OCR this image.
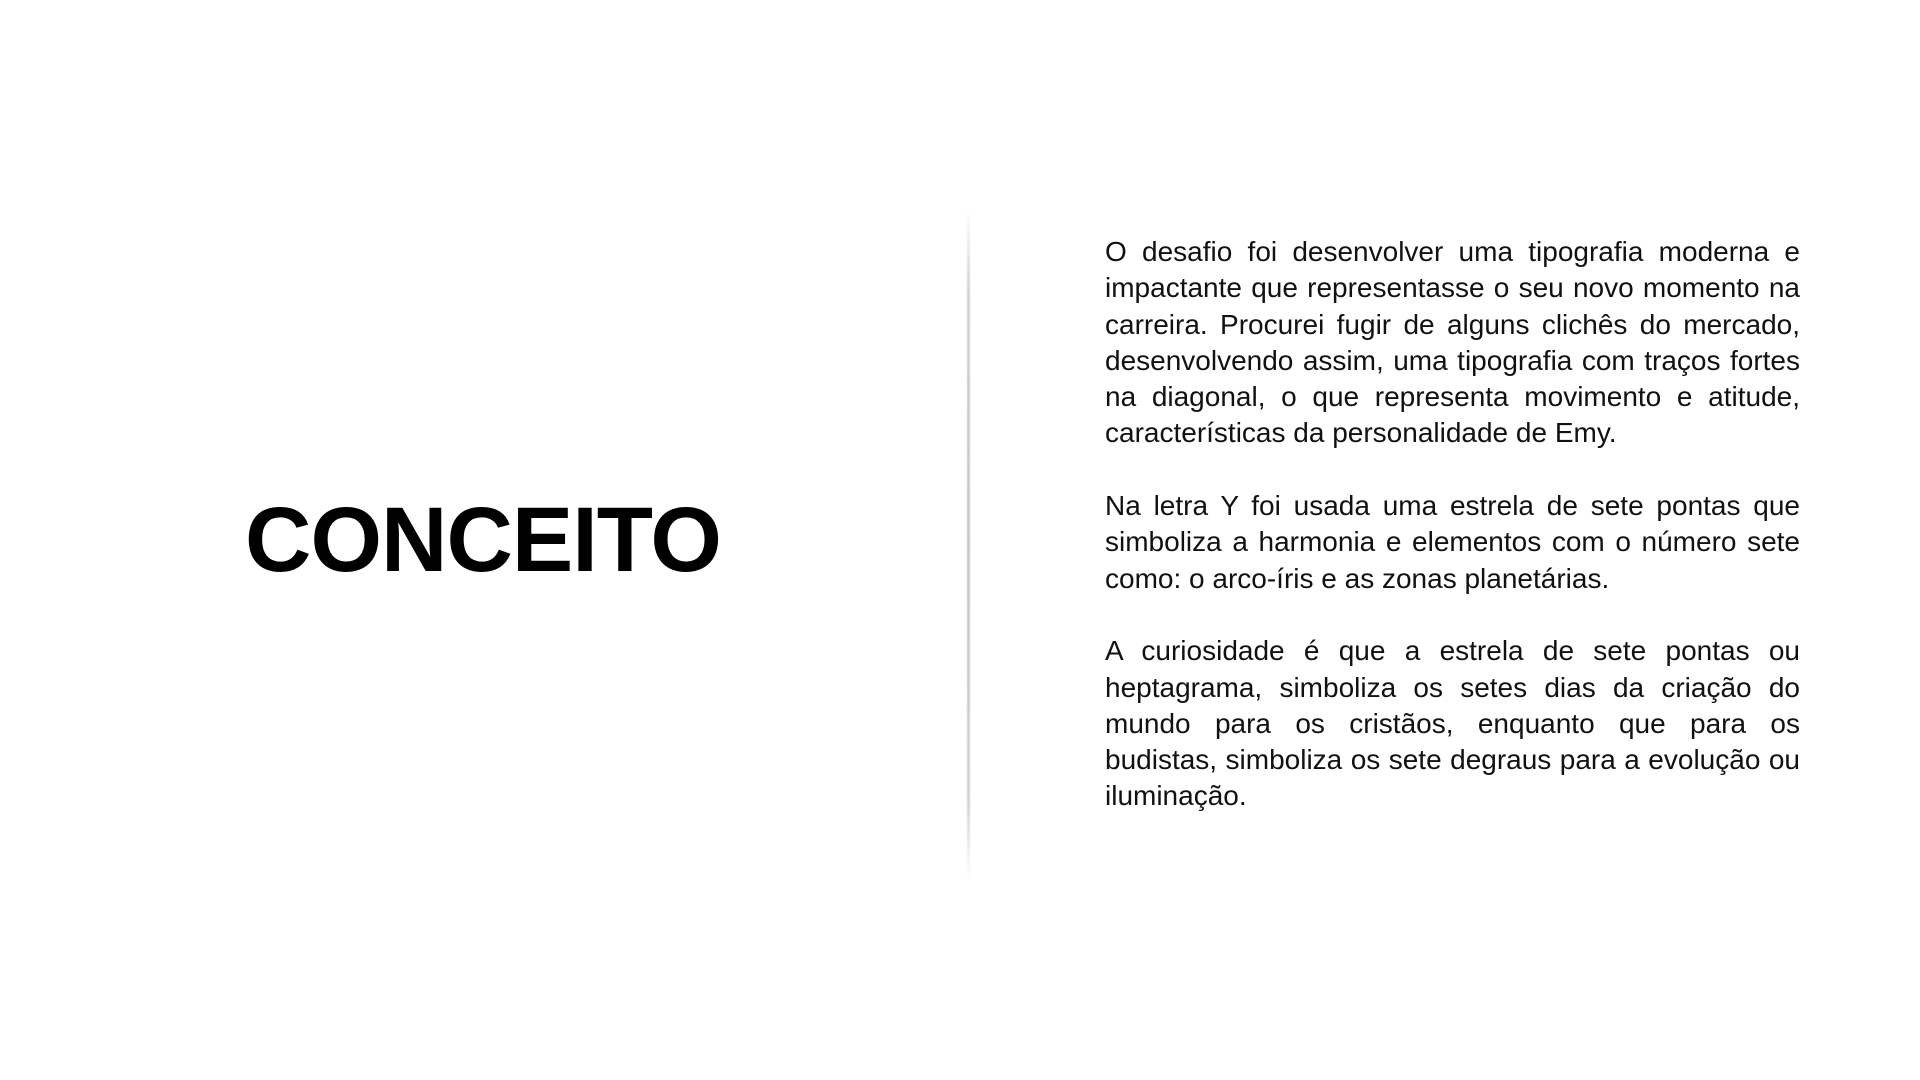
CONCEITO

O desafio foi desenvolver uma tipografia moderna e impactante que representasse o seu novo momento na carreira. Procurei fugir de alguns clichês do mercado, desenvolvendo assim, uma tipografia com traços fortes na diagonal, o que representa movimento e atitude, características da personalidade de Emy.

Na letra Y foi usada uma estrela de sete pontas que simboliza a harmonia e elementos com o número sete como: o arco-íris e as zonas planetárias.

A curiosidade é que a estrela de sete pontas ou heptagrama, simboliza os setes dias da criação do mundo para os cristãos, enquanto que para os budistas, simboliza os sete degraus para a evolução ou iluminação.
